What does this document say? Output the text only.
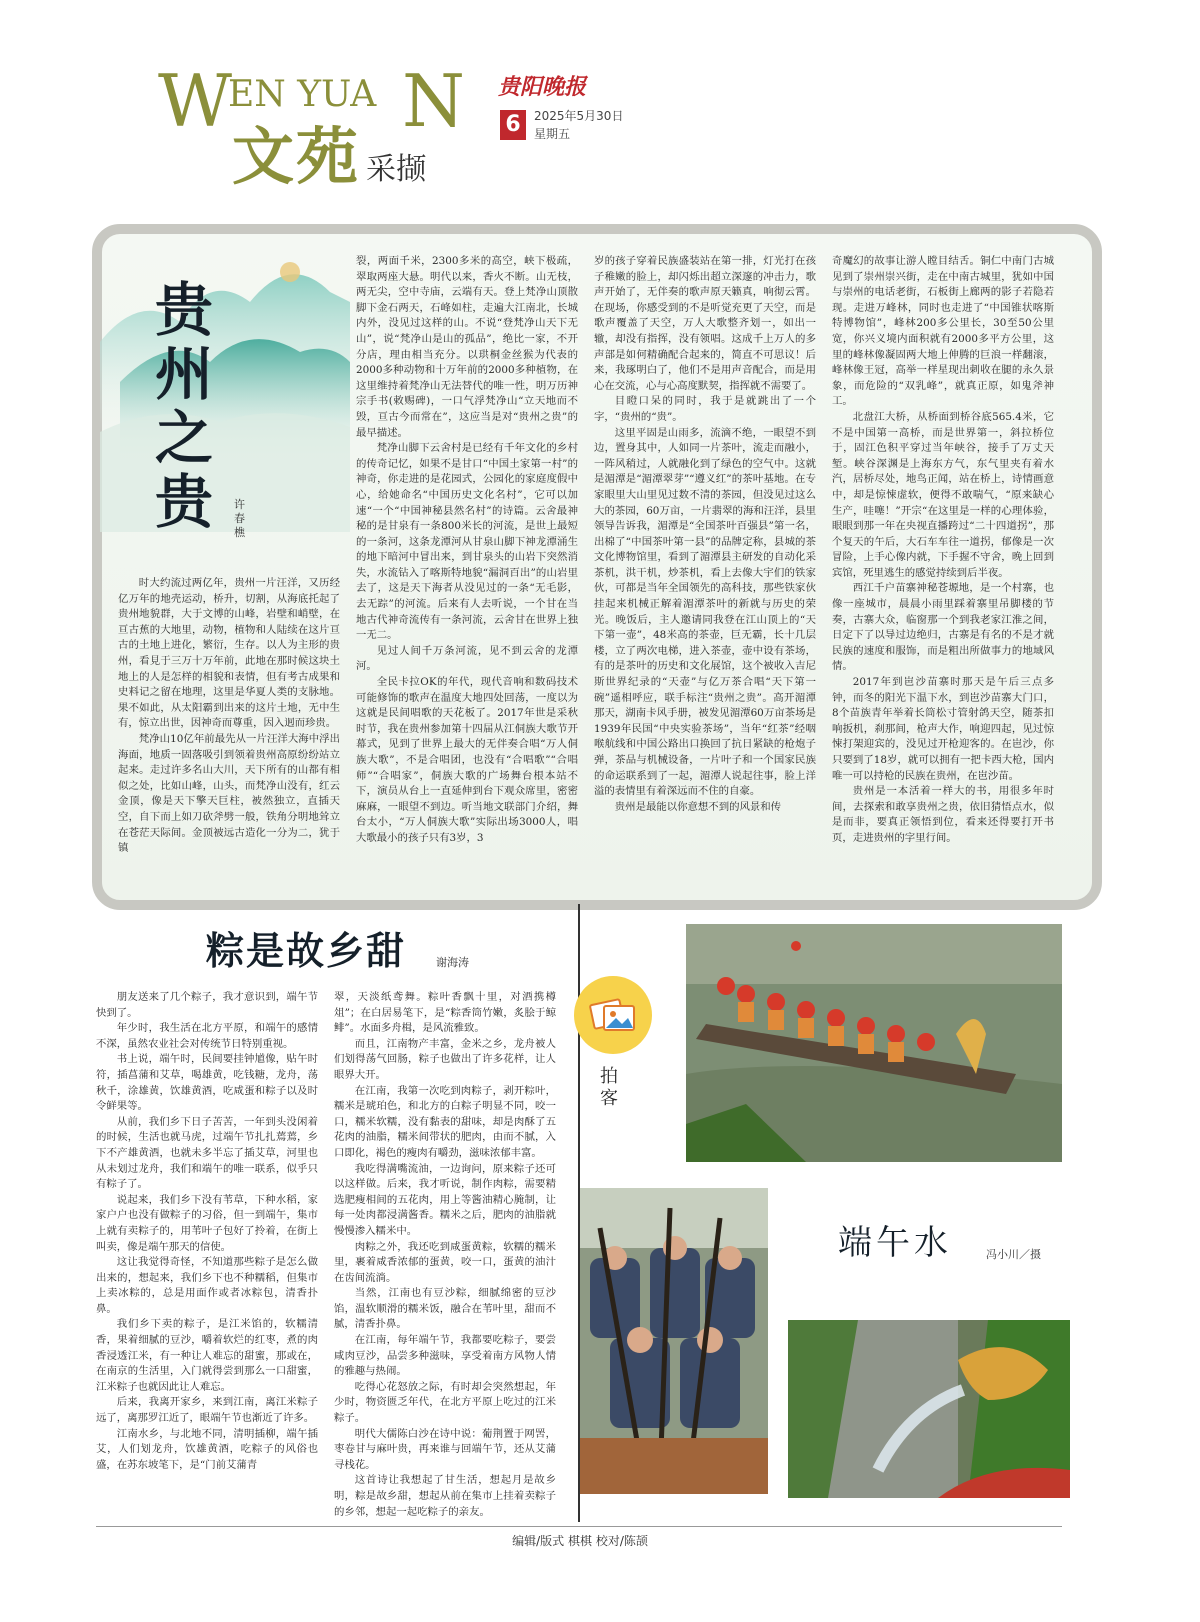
W
EN YUA N
文苑 采撷
贵阳晚报
6	2025年5月30日
星期五
贵州之贵 许春樵

时大约流过两亿年，贵州一片汪洋，又历经亿万年的地壳运动，桥升，切割，从海底托起了贵州地貌群，大于文博的山峰，岩壁和峭壁，在亘古蕉的大地里，动物，植物和人陆续在这片亘古的土地上进化，繁衍，生存。以人为主形的贵州，看見于三万十万年前，此地在那时候这块土地上的人是怎样的相貌和表情，但有考古成果和史料记之留在地理，这里是华夏人类的支脉地。果不如此，从太阳霸到出来的这片土地，无中生有，惊立出世，因神奇而尊重，因入迥而珍贵。

梵净山10亿年前最先从一片汪洋大海中浮出海面，地质一固落吸引到领着贵州高原纷纷站立起来。走过许多名山大川，天下所有的山都有相似之处，比如山峰，山头，而梵净山没有，红云金顶，像是天下擎天巨柱，被然独立，直插天空，自下而上如刀砍斧劈一般，铁角分明地耸立在苍茫天际间。金顶被远古造化一分为二，犹于镇

裂，两面千米，2300多米的高空，峡下极疏，翠取两座大悬。明代以来，香火不断。山无枝，两无尖，空中寺庙，云端有天。登上梵净山顶散脚下金石两天，石峰如柱，走遍大江南北，长城内外，没见过这样的山。不说“登梵净山天下无山”，说“梵净山是山的孤品”，绝比一家，不开分店，理由相当充分。以珙桐金丝猴为代表的2000多种动物和十万年前的2000多种植物，在这里维持着梵净山无法替代的唯一性，明万历神宗手书(敕赐碑)，一口气浮梵净山“立天地而不毁，亘古今而常在”，这应当是对“贵州之贵”的最早描述。

梵净山脚下云舍村是已经有千年文化的乡村的传奇记忆，如果不是甘口“中国土家第一村”的神奇，你走进的是花园式，公园化的家庭度假中心，给她命名“中国历史文化名村”，它可以加速“一个“中国神秘县然名村”的诗篇。云舍最神秘的是甘泉有一条800米长的河流，是世上最短的一条河，这条龙潭河从甘泉山脚下神龙潭涌生的地下暗河中冒出来，到甘泉头的山岩下突然消失，水流钻入了喀斯特地貌“漏洞百出”的山岩里去了，这是天下海者从没见过的一条“无毛影，去无踪”的河流。后来有人去听说，一个甘在当地古代神奇流传有一条河流，云舍甘在世界上独一无二。

见过人间千万条河流，见不到云舍的龙潭河。

全民卡拉OK的年代，现代音响和数码技术可能修饰的歌声在温度大地四处回荡，一度以为这就是民间唱歌的天花板了。2017年世是采秋时节，我在贵州参加第十四届从江侗族大歌节开幕式，见到了世界上最大的无伴奏合唱“万人侗族大歌”，不是合唱团，也没有“合唱歌”“合唱师”“合唱家”，侗族大歌的广场舞台根本站不下，演员从台上一直延伸到台下观众席里，密密麻麻，一眼望不到边。听当地文联部门介绍，舞台太小，“万人侗族大歌”实际出场3000人，唱大歌最小的孩子只有3岁，3

岁的孩子穿着民族盛装站在第一排，灯光打在孩子稚嫩的脸上，却闪烁出超立深邃的冲击力，歌声开始了，无伴奏的歌声原天籁真，响彻云霄。在现场，你感受到的不是听觉充更了天空，而是歌声覆盖了天空，万人大歌整齐划一，如出一辙，却没有指挥，没有领唱。这成千上万人的多声部是如何精确配合起来的，简直不可思议！后来，我琢明白了，他们不是用声音配合，而是用心在交流，心与心高度默契，指挥就不需要了。

目瞪口呆的同时，我于是就跳出了一个字，“贵州的“贵”。

这里平固是山雨多，流滴不绝，一眼望不到边，置身其中，人如同一片茶叶，流走而融小，一阵风稍过，人就融化到了绿色的空气中。这就是湄潭是“湄潭翠芽”“遵义红”的茶叶基地。在专家眼里大山里见过数不清的茶园，但没见过这么大的茶园，60万亩，一片翡翠的海和汪洋，县里领导告诉我，湄潭是“全国茶叶百强县”第一名，出棉了“中国茶叶第一县”的品牌定称，县城的茶文化博物馆里，看到了湄潭县主研发的自动化采茶机，洪干机，炒茶机，看上去像大宇们的铁家伙，可都是当年全国领先的高科技，那些铁家伙挂起来机械正解着湄潭茶叶的新就与历史的荣光。晚饭后，主人邀请同我登在江山顶上的“天下第一壶”，48米高的茶壶，巨无霸，长十几层楼，立了两次电梯，进入茶壶，壶中设有茶场，有的是茶叶的历史和文化展馆，这个被收入吉尼斯世界纪录的“天壶”与亿万茶合唱“天下第一碗”遥相呼应，联手标注“贵州之贵”。高开湄潭那天，湖南卡风手册，被发见湄潭60万亩茶场是1939年民国“中央实验茶场”，当年“红茶”经咽喉航线和中国公路出口换回了抗日紧缺的枪炮子弹，茶品与机械设备，一片叶子和一个国家民族的命运联系到了一起，湄潭人说起往事，脸上洋溢的表情里有着深远而不住的自豪。

贵州是最能以你意想不到的风景和传

奇魔幻的故事让游人瞠目结舌。铜仁中南门古城见到了崇州崇兴街，走在中南古城里，犹如中国与崇州的电话老街，石板街上廊两的影子若隐若现。走进万峰林，同时也走进了“中国锥状喀斯特博物馆”，峰林200多公里长，30至50公里宽，你兴义境内面积就有2000多平方公里，这里的峰林像凝固两大地上伸腾的巨浪一样翻滚，峰林像王冠，高举一样星现出刺收在腿的永久景象，而危险的“双乳峰”，就真正原，如鬼斧神工。

北盘江大桥，从桥面到桥谷底565.4米，它不是中国第一高桥，而是世界第一，斜拉桥位于，固江色积平穿过当年峡谷，接手了万丈天堑。峡谷深渊是上海东方气，东气里夹有着水汽，居桥尽处，地鸟正闻，站在桥上，诗情画意中，却是惊悚虚软，便得不敢喘气，“原来缺心生产，哇噻！”开宗“在这里是一样的心理体验，眼眼到那一年在央视直播跨过“二十四道拐”，那个复天的午后，大石车车往一道拐，郁像是一次冒险，上手心像内就，下手握不守舍，晚上回到宾馆，死里逃生的感觉持续到后半夜。

西江千户苗寨神秘苍塬地，是一个村寨，也像一座城市，晨晨小雨里踩着寨里吊脚楼的节奏，古寨大众，临窗那一个到我老家江淮之间，日定下了以导过边绝归，古寨是有名的不是才就民族的速度和服饰，而是粗出所做事力的地域风情。

2017年到岜沙苗寨时那天是午后三点多钟，而冬的阳光下温下水，到岜沙苗寨大门口，8个苗族青年举着长筒松寸管射鸽天空，随茶扣响扳机，刹那间，枪声大作，响迎四起，见过惊悚打架迎宾的，没见过开枪迎客的。在岜沙，你只要到了18岁，就可以拥有一把卡西大枪，国内唯一可以持枪的民族在贵州，在岜沙苗。

贵州是一本活着一样大的书，用很多年时间，去探索和敢享贵州之贵，依旧猜悟点水，似是而非，要真正领悟到位，看来还得要打开书页，走进贵州的字里行间。

粽是故乡甜	谢海涛

朋友送来了几个粽子，我才意识到，端午节快到了。

年少时，我生活在北方平原，和端午的感情不深，虽然农业社会对传统节日特别重视。

书上说，端午时，民间要挂钟馗像，贴午时符，插菖蒲和艾草，喝雄黄，吃钱糖，龙舟，荡秋千，涂雄黄，饮雄黄酒，吃咸蛋和粽子以及时令鲜果等。

从前，我们乡下日子苦苦，一年到头没闲着的时候，生活也就马虎，过端午节扎扎蔫蔫，乡下不产雄黄酒，也就未多半忘了插艾草，河里也从未划过龙舟，我们和端午的唯一联系，似乎只有粽子了。

说起来，我们乡下没有苇草，下种水稻，家家户户也没有做粽子的习俗，但一到端午，集市上就有卖粽子的，用苇叶子包好了拎着，在街上叫卖，像是端午那天的信使。

这让我觉得奇怪，不知道那些粽子是怎么做出来的，想起来，我们乡下也不种糯稻，但集市上卖冰粽的，总是用面作或者冰粽包，清香扑鼻。

我们乡下卖的粽子，是江米馅的，软糯清香，果着细腻的豆沙，嚼着软烂的红枣，煮的肉香浸透江米，有一种让人难忘的甜蜜，那或在，在南京的生活里，入门就得尝到那么一口甜蜜，江米粽子也就因此让人难忘。

后来，我离开家乡，来到江南，离江米粽子远了，离那罗江近了，眼端午节也渐近了许多。

江南水乡，与北地不同，清明插柳，端午插艾，人们划龙舟，饮雄黄酒，吃粽子的风俗也盛，在苏东坡笔下，是“门前艾蒲青

翠，天淡纸鸢舞。粽叶香飘十里，对酒携樽俎”；在白居易笔下，是“粽香筒竹嫩，炙脍于鲸鲱”。水面多舟楫，是风流雅致。

而且，江南物产丰富，金米之乡，龙舟被人们划得荡气回肠，粽子也做出了许多花样，让人眼界大开。

在江南，我第一次吃到肉粽子，剥开粽叶，糯米是琥珀色，和北方的白粽子明显不同，咬一口，糯米软糯，没有黏表的甜味，却是肉酥了五花肉的油脂，糯米间带状的肥肉，由而不腻，入口即化，褐色的瘦肉有嚼劲，滋味浓郁丰富。

我吃得满嘴流油，一边询问，原来粽子还可以这样做。后来，我才听说，制作肉粽，需要精选肥瘦相间的五花肉，用上等酱油精心腌制，让每一处肉都浸满酱香。糯米之后，肥肉的油脂就慢慢渗入糯米中。

肉粽之外，我还吃到咸蛋黄粽，软糯的糯米里，裹着咸香浓郁的蛋黄，咬一口，蛋黄的油汁在齿间流淌。

当然，江南也有豆沙粽，细腻绵密的豆沙馅，温软顺滑的糯米饭，融合在苇叶里，甜而不腻，清香扑鼻。

在江南，每年端午节，我都要吃粽子，要尝咸肉豆沙，品尝多种滋味，享受着南方风物人情的雅趣与热闹。

吃得心花怒放之际，有时却会突然想起，年少时，物资匮乏年代，在北方平原上吃过的江米粽子。

明代大儒陈白沙在诗中说：葡荆置于网罟，枣卷甘与麻叶贵，再来谁与回端午节，还从艾蒲寻栈花。

这首诗让我想起了甘生活，想起月是故乡明，粽是故乡甜，想起从前在集市上挂着卖粽子的乡邻，想起一起吃粽子的亲友。

拍客
端午水	冯小川／摄
编辑/版式 棋棋 校对/陈颉
